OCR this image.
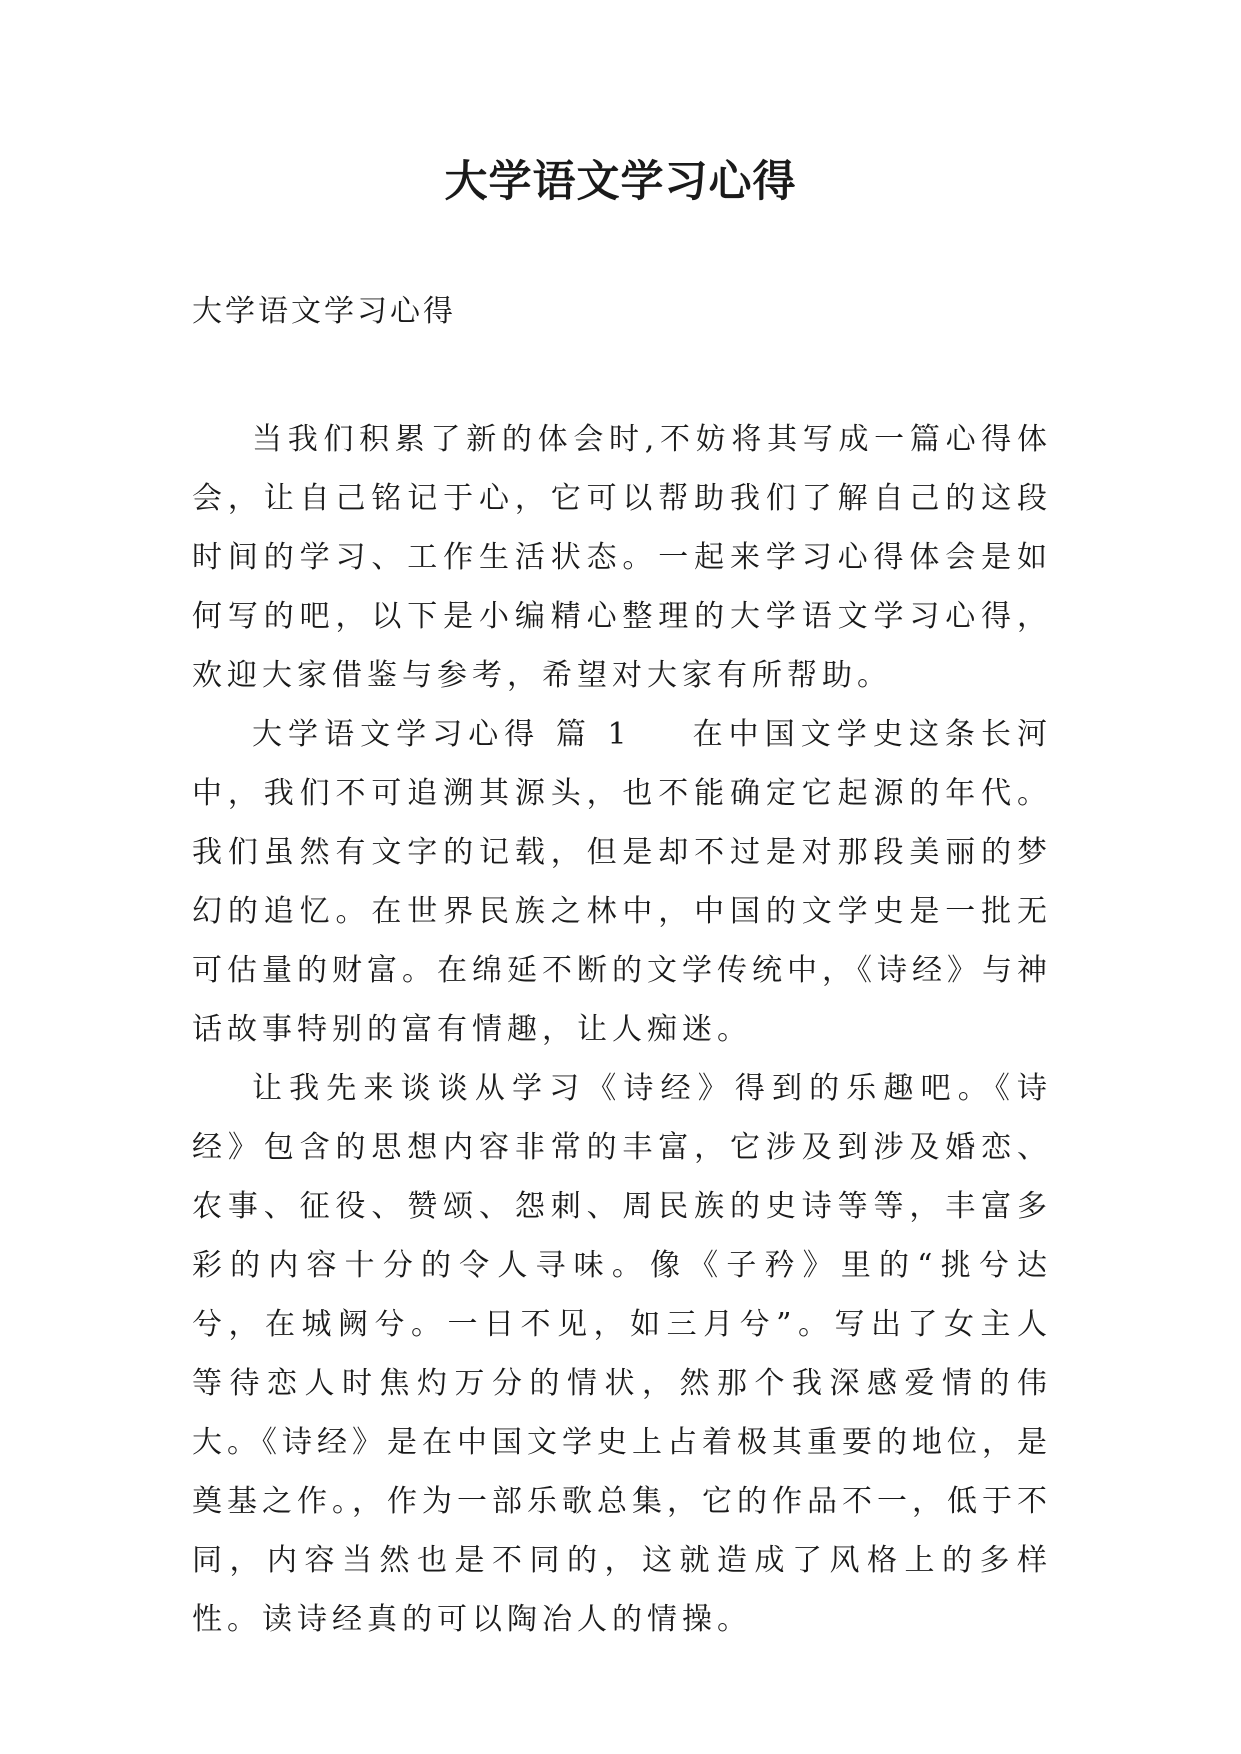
大学语文学习心得

大学语文学习心得

当我们积累了新的体会时,不妨将其写成一篇心得体会，让自己铭记于心，它可以帮助我们了解自己的这段时间的学习、工作生活状态。一起来学习心得体会是如何写的吧，以下是小编精心整理的大学语文学习心得，欢迎大家借鉴与参考，希望对大家有所帮助。

大学语文学习心得 篇 1 在中国文学史这条长河中，我们不可追溯其源头，也不能确定它起源的年代。我们虽然有文字的记载，但是却不过是对那段美丽的梦幻的追忆。在世界民族之林中，中国的文学史是一批无可估量的财富。在绵延不断的文学传统中，《诗经》与神话故事特别的富有情趣，让人痴迷。

让我先来谈谈从学习《诗经》得到的乐趣吧。《诗经》包含的思想内容非常的丰富，它涉及到涉及婚恋、农事、征役、赞颂、怨刺、周民族的史诗等等，丰富多彩的内容十分的令人寻味。像《子矜》里的“挑兮达兮，在城阙兮。一日不见，如三月兮”。写出了女主人等待恋人时焦灼万分的情状，然那个我深感爱情的伟大。《诗经》是在中国文学史上占着极其重要的地位，是奠基之作。，作为一部乐歌总集，它的作品不一，低于不同，内容当然也是不同的，这就造成了风格上的多样性。读诗经真的可以陶冶人的情操。
